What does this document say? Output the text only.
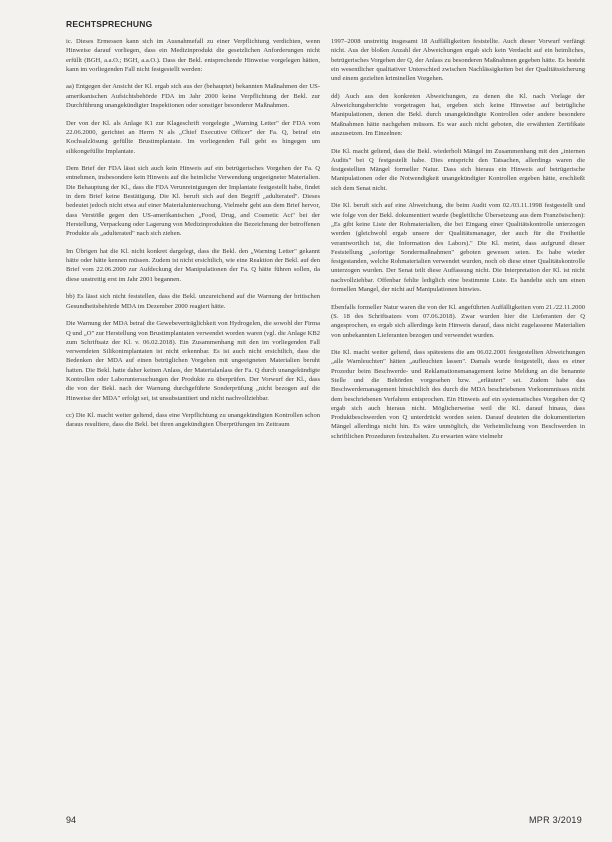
RECHTSPRECHUNG

ic. Dieses Ermessen kann sich im Ausnahmefall zu einer Verpflichtung verdichten, wenn Hinweise darauf vorliegen, dass ein Medizinprodukt die gesetzlichen Anforderungen nicht erfüllt (BGH, a.a.O.; BGH, a.a.O.). Dass der Bekl. entsprechende Hinweise vorgelegen hätten, kann im vorliegenden Fall nicht festgestellt werden:

aa) Entgegen der Ansicht der Kl. ergab sich aus der (behauptet) bekannten Maßnahmen der US-amerikanischen Aufsichtsbehörde FDA im Jahr 2000 keine Verpflichtung der Bekl. zur Durchführung unangekündigter Inspektionen oder sonstiger besonderer Maßnahmen.

Der von der Kl. als Anlage K1 zur Klageschrift vorgelegte „Warning Letter" der FDA vom 22.06.2000, gerichtet an Herrn N als „Chief Executive Officer" der Fa. Q, betraf ein Kochsalzlösung gefüllte Brustimplantate. Im vorliegenden Fall geht es hingegen um silikongefüllte Implantate.

Dem Brief der FDA lässt sich auch kein Hinweis auf ein betrügerisches Vorgehen der Fa. Q entnehmen, insbesondere kein Hinweis auf die heimliche Verwendung ungeeigneter Materialien. Die Behauptung der Kl., dass die FDA Verunreinigungen der Implantate festgestellt habe, findet in dem Brief keine Bestätigung. Die Kl. beruft sich auf den Begriff „adulterated". Dieses bedeutet jedoch nicht etwa auf einer Materialuntersuchung. Vielmehr geht aus dem Brief hervor, dass Verstöße gegen den US-amerikanischen „Food, Drug, and Cosmetic Act" bei der Herstellung, Verpackung oder Lagerung von Medizinprodukten die Bezeichnung der betroffenen Produkte als „adulterated" nach sich ziehen.

Im Übrigen hat die Kl. nicht konkret dargelegt, dass die Bekl. den „Warning Letter" gekannt hätte oder hätte kennen müssen. Zudem ist nicht ersichtlich, wie eine Reaktion der Bekl. auf den Brief vom 22.06.2000 zur Aufdeckung der Manipulationen der Fa. Q hätte führen sollen, da diese unstreitig erst im Jahr 2001 begannen.

bb) Es lässt sich nicht feststellen, dass die Bekl. unzureichend auf die Warnung der britischen Gesundheitsbehörde MDA im Dezember 2000 reagiert hätte.

Die Warnung der MDA betraf die Gewebeverträglichkeit von Hydrogelen, die sowohl der Firma Q und „O" zur Herstellung von Brustimplantaten verwendet worden waren (vgl. die Anlage KB2 zum Schriftsatz der Kl. v. 06.02.2018). Ein Zusammenhang mit den im vorliegenden Fall verwendeten Silikonimplantaten ist nicht erkennbar. Es ist auch nicht ersichtlich, dass die Bedenken der MDA auf einen betrüglichen Vorgehen mit ungeeigneten Materialien beruht hatten. Die Bekl. hatte daher keinen Anlass, der Materialanlass der Fa. Q durch unangekündigte Kontrollen oder Laboruntersuchungen der Produkte zu überprüfen. Der Vorwurf der Kl., dass die von der Bekl. nach der Warnung durchgeführte Sonderprüfung „nicht bezogen auf die Hinweise der MDA" erfolgt sei, ist unsubstantiiert und nicht nachvollziehbar.

cc) Die Kl. macht weiter geltend, dass eine Verpflichtung zu unangekündigten Kontrollen schon daraus resultiere, dass die Bekl. bei ihren angekündigten Überprüfungen im Zeitraum

1997–2008 unstreitig insgesamt 18 Auffälligkeiten feststellte. Auch dieser Vorwurf verfängt nicht. Aus der bloßen Anzahl der Abweichungen ergab sich kein Verdacht auf ein heimliches, betrügerisches Vorgehen der Q, der Anlass zu besonderen Maßnahmen gegeben hätte. Es besteht ein wesentlicher qualitativer Unterschied zwischen Nachlässigkeiten bei der Qualitätssicherung und einem gezielten kriminellen Vorgehen.

dd) Auch aus den konkreten Abweichungen, zu denen die Kl. nach Vorlage der Abweichungsberichte vorgetragen hat, ergeben sich keine Hinweise auf betrügliche Manipulationen, denen die Bekl. durch unangekündigte Kontrollen oder andere besondere Maßnahmen hätte nachgehen müssen. Es war auch nicht geboten, die erwähnten Zertifikate auszusetzen. Im Einzelnen:

Die Kl. macht geltend, dass die Bekl. wiederholt Mängel im Zusammenhang mit den „internen Audits" bei Q festgestellt habe. Dies entspricht den Tatsachen, allerdings waren die festgestellten Mängel formeller Natur. Dass sich hieraus ein Hinweis auf betrügerische Manipulationen oder die Notwendigkeit unangekündigter Kontrollen ergeben hätte, erschließt sich dem Senat nicht.

Die Kl. beruft sich auf eine Abweichung, die beim Audit vom 02./03.11.1998 festgestellt und wie folge von der Bekl. dokumentiert wurde (begleitliche Übersetzung aus dem Französischen): „Es gibt keine Liste der Rohmaterialien, die bei Eingang einer Qualitätskontrolle unterzogen werden (gleichwohl ergab unsere der Qualitätsmanager, der auch für die Freiheitle verantwortlich ist, die Information des Labors)." Die Kl. meint, dass aufgrund dieser Feststellung „sofortige Sondermaßnahmen" geboten gewesen seien. Es habe wieder festgestanden, welche Rohmaterialien verwendet wurden, noch ob diese einer Qualitätskontrolle unterzogen wurden. Der Senat teilt diese Auffassung nicht. Die Interpretation der Kl. ist nicht nachvollziehbar. Offenbar fehlte lediglich eine bestimmte Liste. Es handelte sich um einen formellen Mangel, der nicht auf Manipulationen hinwies.

Ebenfalls formeller Natur waren die von der Kl. angeführten Auffälligkeiten vom 21./22.11.2000 (S. 18 des Schriftsatzes vom 07.06.2018). Zwar wurden hier die Lieferanten der Q angesprochen, es ergab sich allerdings kein Hinweis darauf, dass nicht zugelassene Materialien von unbekannten Lieferanten bezogen und verwendet wurden.

Die Kl. macht weiter geltend, dass spätestens die am 06.02.2001 festgestellten Abweichungen „alle Warnleuchten" hätten „aufleuchten lassen". Damals wurde festgestellt, dass es einer Prozedur beim Beschwerde- und Reklamationsmanagement keine Meldung an die benannte Stelle und die Behörden vorgesehen bzw. „erläutert" sei. Zudem habe das Beschwerdemanagement hinsichtlich des durch die MDA beschriebenen Vorkommnisses nicht dem beschriebenen Verfahren entsprochen. Ein Hinweis auf ein systematisches Vorgehen der Q ergab sich auch hieraus nicht. Möglicherweise weil die Kl. darauf hinaus, dass Produktbeschwerden von Q unterdrückt worden seien. Darauf deuteten die dokumentierten Mängel allerdings nicht hin. Es wäre unmöglich, die Verheimlichung von Beschwerden in schriftlichen Prozeduren festzuhalten. Zu erwarten wäre vielmehr

94	MPR 3/2019
